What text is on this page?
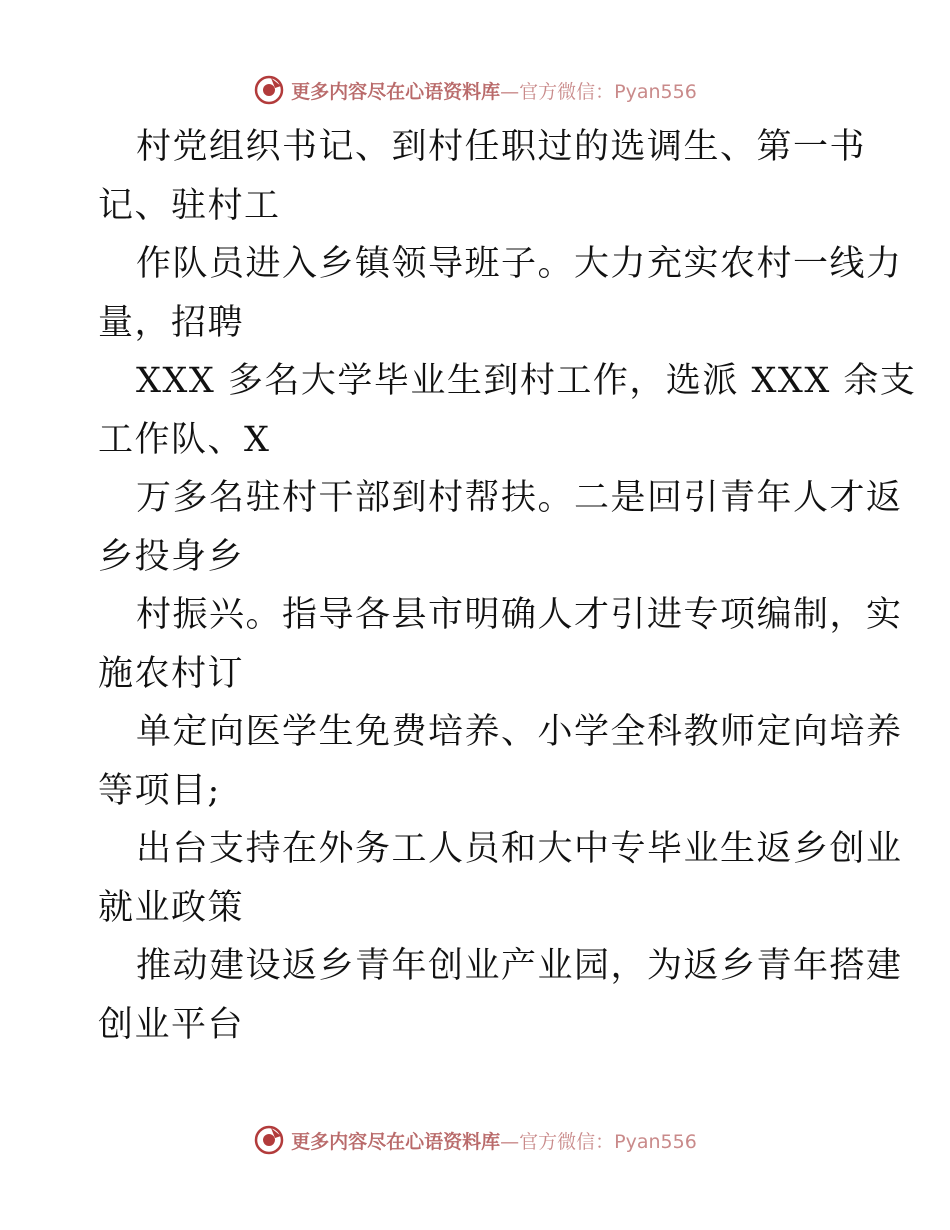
更多内容尽在心语资料库—官方微信：Pyan556
村党组织书记、到村任职过的选调生、第一书
记、驻村工
作队员进入乡镇领导班子。大力充实农村一线力
量，招聘
XXX 多名大学毕业生到村工作，选派 XXX 余支
工作队、X
万多名驻村干部到村帮扶。二是回引青年人才返
乡投身乡
村振兴。指导各县市明确人才引进专项编制，实
施农村订
单定向医学生免费培养、小学全科教师定向培养
等项目;
出台支持在外务工人员和大中专毕业生返乡创业
就业政策
推动建设返乡青年创业产业园，为返乡青年搭建
创业平台
更多内容尽在心语资料库—官方微信：Pyan556
